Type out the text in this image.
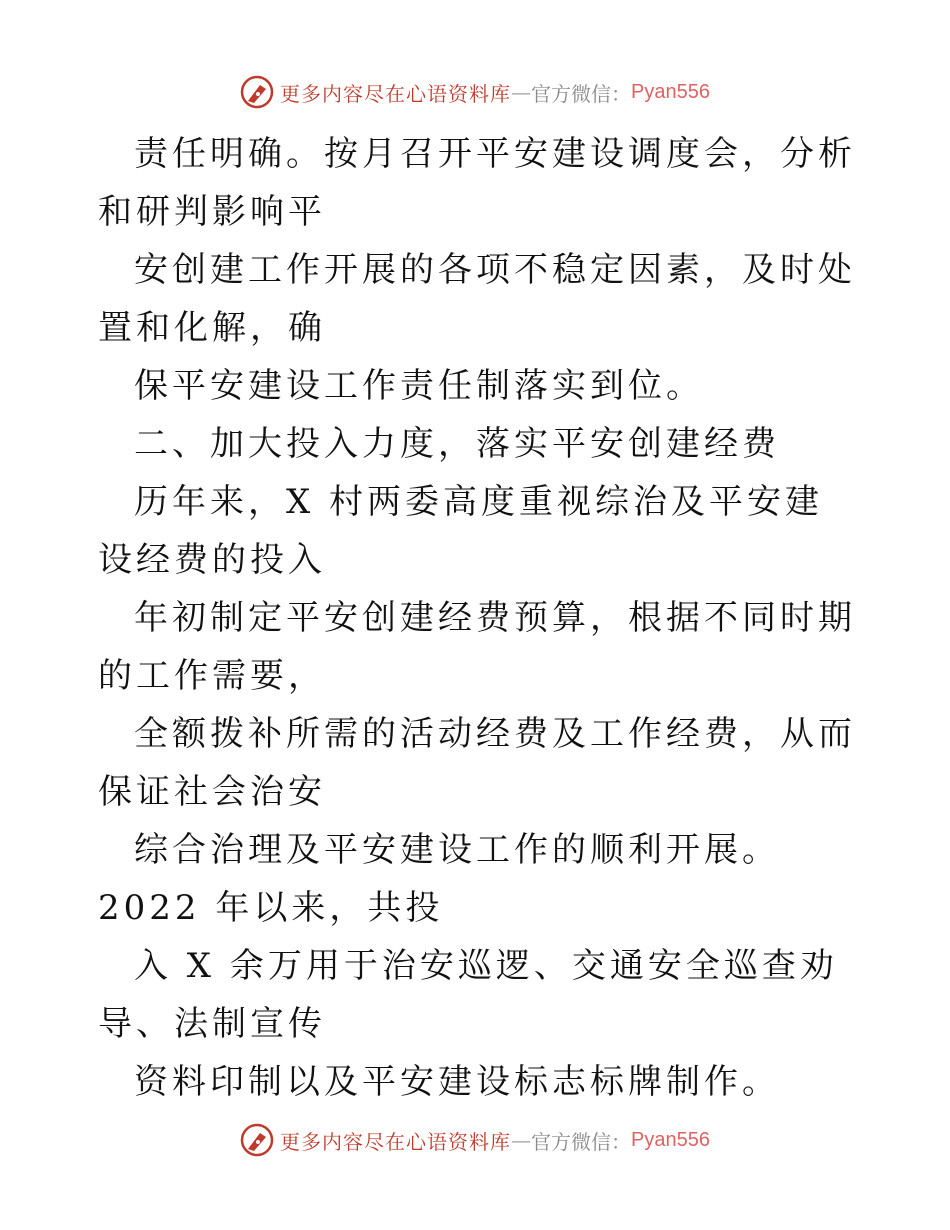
更多内容尽在心语资料库 — 官方微信： Pyan556

责任明确。按月召开平安建设调度会，分析和研判影响平

安创建工作开展的各项不稳定因素，及时处置和化解，确

保平安建设工作责任制落实到位。

二、加大投入力度，落实平安创建经费

历年来，X 村两委高度重视综治及平安建设经费的投入

年初制定平安创建经费预算，根据不同时期的工作需要，

全额拨补所需的活动经费及工作经费，从而保证社会治安

综合治理及平安建设工作的顺利开展。2022 年以来，共投

入 X 余万用于治安巡逻、交通安全巡查劝导、法制宣传

资料印制以及平安建设标志标牌制作。

更多内容尽在心语资料库 — 官方微信： Pyan556
